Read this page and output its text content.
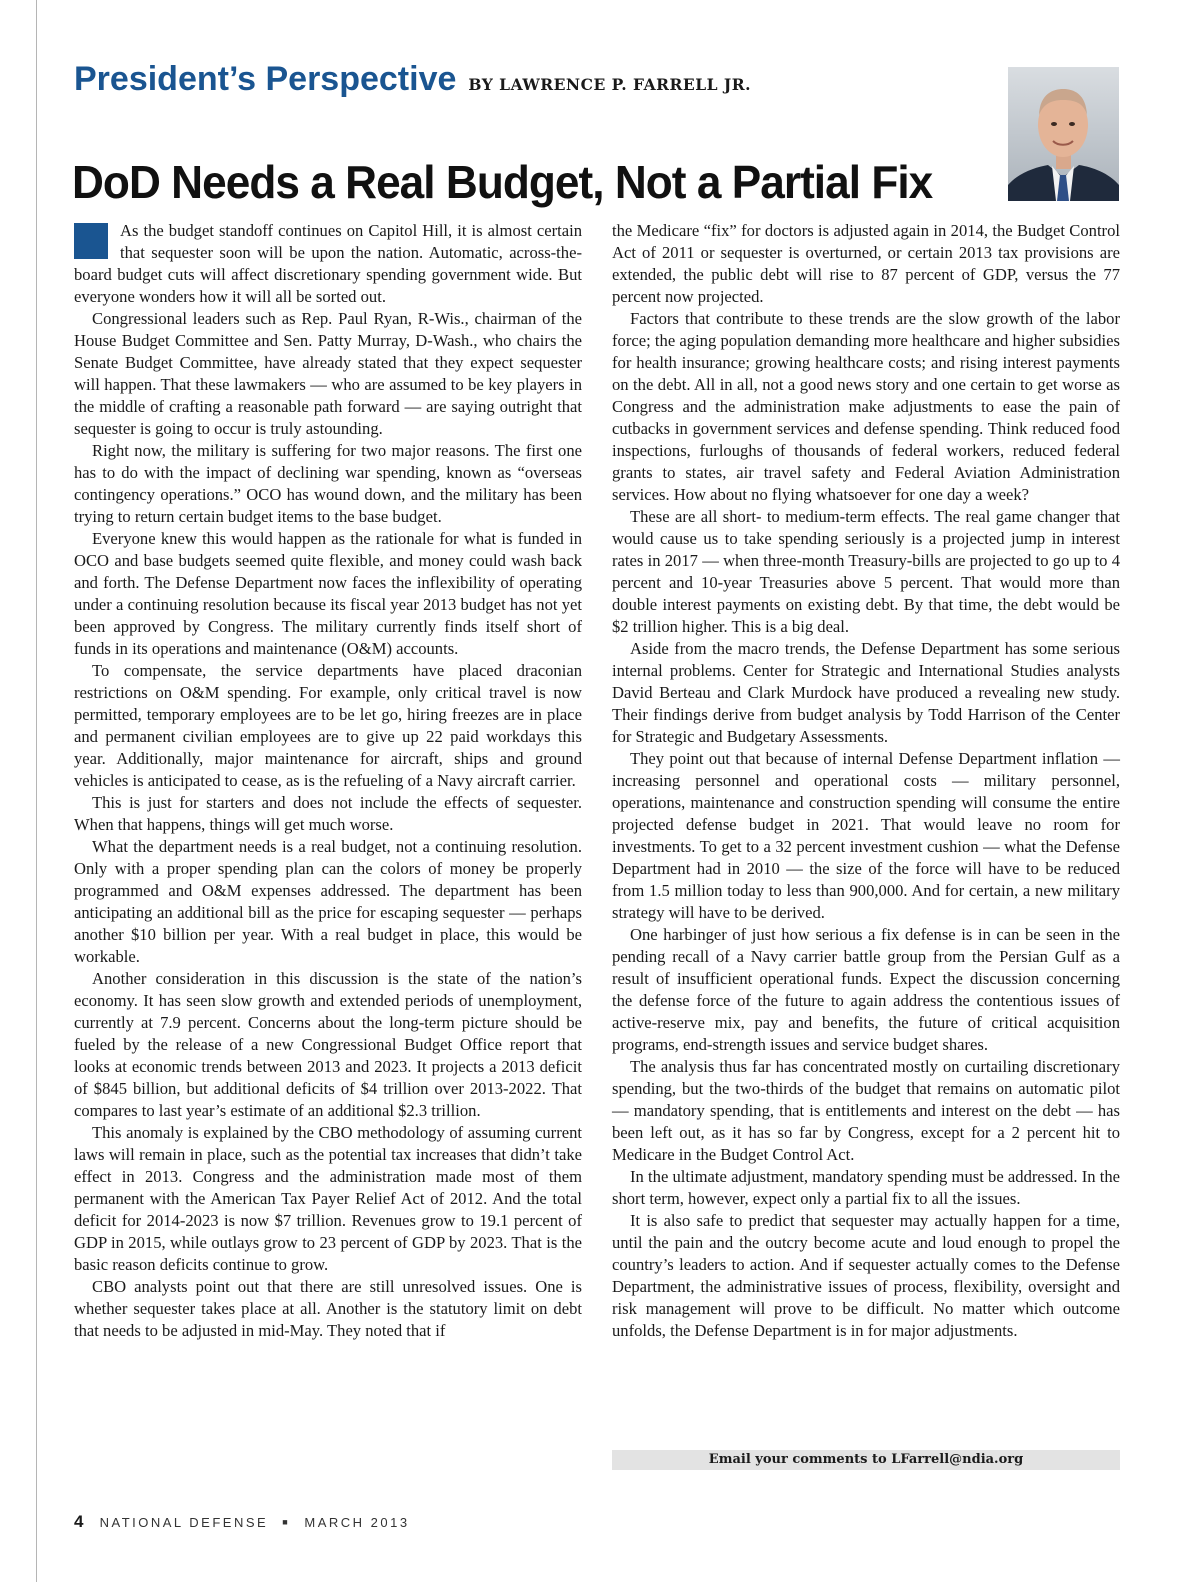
President’s Perspective BY LAWRENCE P. FARRELL JR.
DoD Needs a Real Budget, Not a Partial Fix

As the budget standoff continues on Capitol Hill, it is almost certain that sequester soon will be upon the nation. Automatic, across-the-board budget cuts will affect discretionary spending government wide. But everyone wonders how it will all be sorted out.

Congressional leaders such as Rep. Paul Ryan, R-Wis., chairman of the House Budget Committee and Sen. Patty Murray, D-Wash., who chairs the Senate Budget Committee, have already stated that they expect sequester will happen. That these lawmakers — who are assumed to be key players in the middle of crafting a reasonable path forward — are saying outright that sequester is going to occur is truly astounding.

Right now, the military is suffering for two major reasons. The first one has to do with the impact of declining war spending, known as “overseas contingency operations.” OCO has wound down, and the military has been trying to return certain budget items to the base budget.

Everyone knew this would happen as the rationale for what is funded in OCO and base budgets seemed quite flexible, and money could wash back and forth. The Defense Department now faces the inflexibility of operating under a continuing resolution because its fiscal year 2013 budget has not yet been approved by Congress. The military currently finds itself short of funds in its operations and maintenance (O&M) accounts.

To compensate, the service departments have placed draconian restrictions on O&M spending. For example, only critical travel is now permitted, temporary employees are to be let go, hiring freezes are in place and permanent civilian employees are to give up 22 paid workdays this year. Additionally, major maintenance for aircraft, ships and ground vehicles is anticipated to cease, as is the refueling of a Navy aircraft carrier.

This is just for starters and does not include the effects of sequester. When that happens, things will get much worse.

What the department needs is a real budget, not a continuing resolution. Only with a proper spending plan can the colors of money be properly programmed and O&M expenses addressed. The department has been anticipating an additional bill as the price for escaping sequester — perhaps another $10 billion per year. With a real budget in place, this would be workable.

Another consideration in this discussion is the state of the nation’s economy. It has seen slow growth and extended periods of unemployment, currently at 7.9 percent. Concerns about the long-term picture should be fueled by the release of a new Congressional Budget Office report that looks at economic trends between 2013 and 2023. It projects a 2013 deficit of $845 billion, but additional deficits of $4 trillion over 2013-2022. That compares to last year’s estimate of an additional $2.3 trillion.

This anomaly is explained by the CBO methodology of assuming current laws will remain in place, such as the potential tax increases that didn’t take effect in 2013. Congress and the administration made most of them permanent with the American Tax Payer Relief Act of 2012. And the total deficit for 2014-2023 is now $7 trillion. Revenues grow to 19.1 percent of GDP in 2015, while outlays grow to 23 percent of GDP by 2023. That is the basic reason deficits continue to grow.

CBO analysts point out that there are still unresolved issues. One is whether sequester takes place at all. Another is the statutory limit on debt that needs to be adjusted in mid-May. They noted that if

the Medicare “fix” for doctors is adjusted again in 2014, the Budget Control Act of 2011 or sequester is overturned, or certain 2013 tax provisions are extended, the public debt will rise to 87 percent of GDP, versus the 77 percent now projected.

Factors that contribute to these trends are the slow growth of the labor force; the aging population demanding more healthcare and higher subsidies for health insurance; growing healthcare costs; and rising interest payments on the debt. All in all, not a good news story and one certain to get worse as Congress and the administration make adjustments to ease the pain of cutbacks in government services and defense spending. Think reduced food inspections, furloughs of thousands of federal workers, reduced federal grants to states, air travel safety and Federal Aviation Administration services. How about no flying whatsoever for one day a week?

These are all short- to medium-term effects. The real game changer that would cause us to take spending seriously is a projected jump in interest rates in 2017 — when three-month Treasury-bills are projected to go up to 4 percent and 10-year Treasuries above 5 percent. That would more than double interest payments on existing debt. By that time, the debt would be $2 trillion higher. This is a big deal.

Aside from the macro trends, the Defense Department has some serious internal problems. Center for Strategic and International Studies analysts David Berteau and Clark Murdock have produced a revealing new study. Their findings derive from budget analysis by Todd Harrison of the Center for Strategic and Budgetary Assessments.

They point out that because of internal Defense Department inflation — increasing personnel and operational costs — military personnel, operations, maintenance and construction spending will consume the entire projected defense budget in 2021. That would leave no room for investments. To get to a 32 percent investment cushion — what the Defense Department had in 2010 — the size of the force will have to be reduced from 1.5 million today to less than 900,000. And for certain, a new military strategy will have to be derived.

One harbinger of just how serious a fix defense is in can be seen in the pending recall of a Navy carrier battle group from the Persian Gulf as a result of insufficient operational funds. Expect the discussion concerning the defense force of the future to again address the contentious issues of active-reserve mix, pay and benefits, the future of critical acquisition programs, end-strength issues and service budget shares.

The analysis thus far has concentrated mostly on curtailing discretionary spending, but the two-thirds of the budget that remains on automatic pilot — mandatory spending, that is entitlements and interest on the debt — has been left out, as it has so far by Congress, except for a 2 percent hit to Medicare in the Budget Control Act.

In the ultimate adjustment, mandatory spending must be addressed. In the short term, however, expect only a partial fix to all the issues.

It is also safe to predict that sequester may actually happen for a time, until the pain and the outcry become acute and loud enough to propel the country’s leaders to action. And if sequester actually comes to the Defense Department, the administrative issues of process, flexibility, oversight and risk management will prove to be difficult. No matter which outcome unfolds, the Defense Department is in for major adjustments.

Email your comments to LFarrell@ndia.org
4 NATIONAL DEFENSE ■ MARCH 2013
